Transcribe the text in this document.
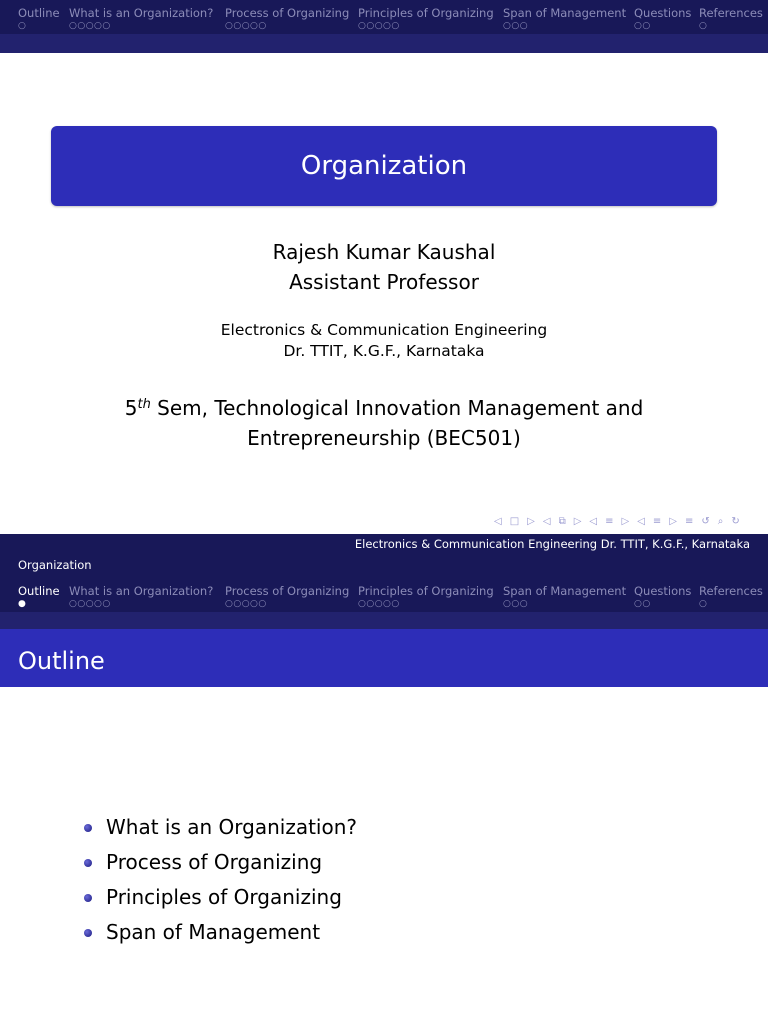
Outline
○
What is an Organization?
○○○○○
Process of Organizing
○○○○○
Principles of Organizing
○○○○○
Span of Management
○○○
Questions
○○
References
○
Organization
Rajesh Kumar Kaushal
Assistant Professor
Electronics & Communication Engineering
Dr. TTIT, K.G.F., Karnataka
5th Sem, Technological Innovation Management and
Entrepreneurship (BEC501)
◁ □ ▷ ◁ ⧉ ▷ ◁ ≡ ▷ ◁ ≡ ▷ ≡ ↺ ⌕ ↻
Electronics & Communication Engineering Dr. TTIT, K.G.F., Karnataka
Organization
Outline
●
What is an Organization?
○○○○○
Process of Organizing
○○○○○
Principles of Organizing
○○○○○
Span of Management
○○○
Questions
○○
References
○
Outline
What is an Organization?
Process of Organizing
Principles of Organizing
Span of Management
